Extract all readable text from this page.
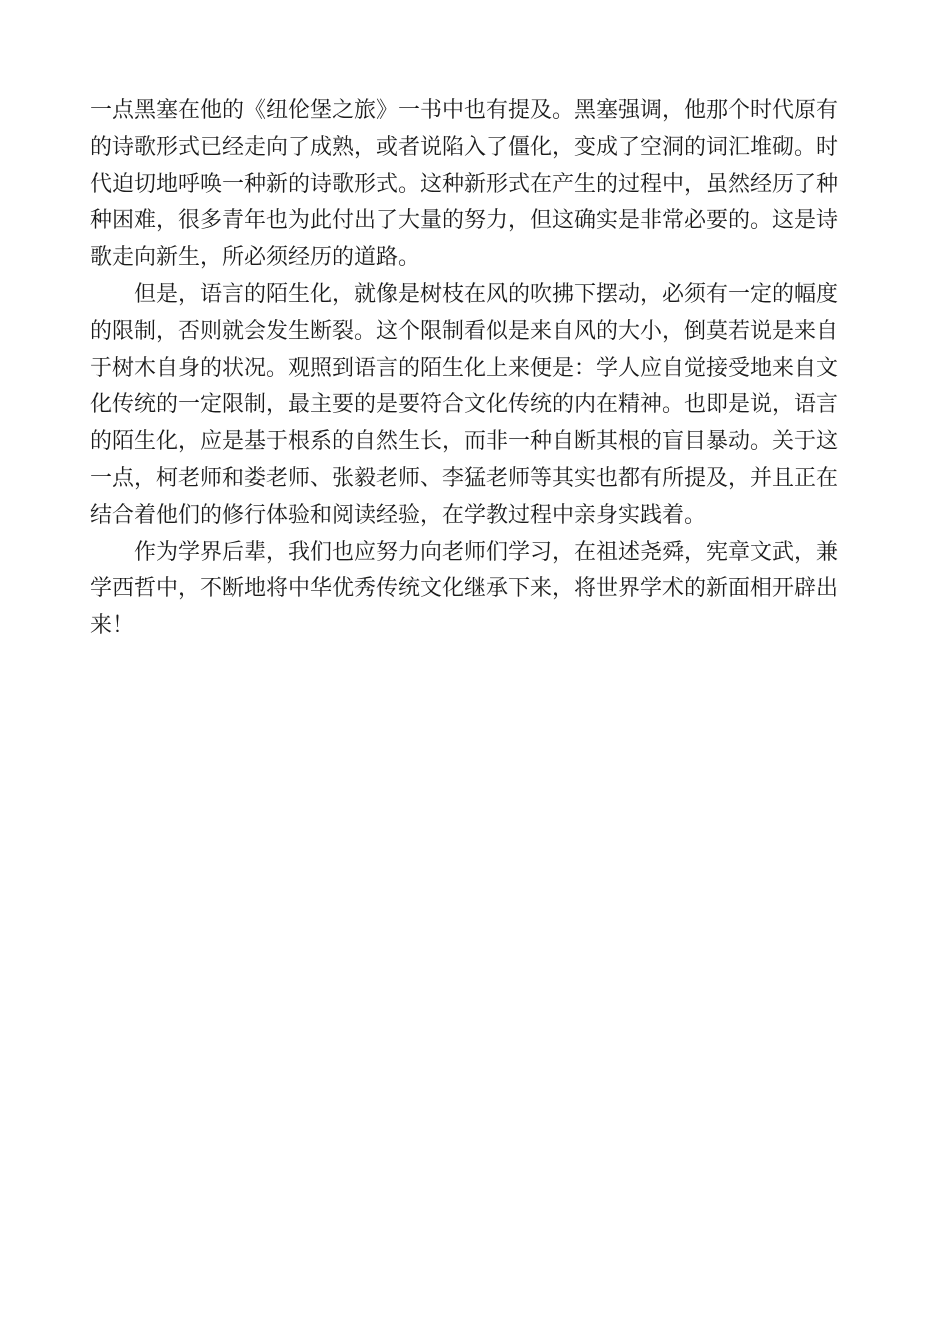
一点黑塞在他的《纽伦堡之旅》一书中也有提及。黑塞强调，他那个时代原有
的诗歌形式已经走向了成熟，或者说陷入了僵化，变成了空洞的词汇堆砌。时
代迫切地呼唤一种新的诗歌形式。这种新形式在产生的过程中，虽然经历了种
种困难，很多青年也为此付出了大量的努力，但这确实是非常必要的。这是诗
歌走向新生，所必须经历的道路。
但是，语言的陌生化，就像是树枝在风的吹拂下摆动，必须有一定的幅度
的限制，否则就会发生断裂。这个限制看似是来自风的大小，倒莫若说是来自
于树木自身的状况。观照到语言的陌生化上来便是：学人应自觉接受地来自文
化传统的一定限制，最主要的是要符合文化传统的内在精神。也即是说，语言
的陌生化，应是基于根系的自然生长，而非一种自断其根的盲目暴动。关于这
一点，柯老师和娄老师、张毅老师、李猛老师等其实也都有所提及，并且正在
结合着他们的修行体验和阅读经验，在学教过程中亲身实践着。
作为学界后辈，我们也应努力向老师们学习，在祖述尧舜，宪章文武，兼
学西哲中，不断地将中华优秀传统文化继承下来，将世界学术的新面相开辟出
来！
